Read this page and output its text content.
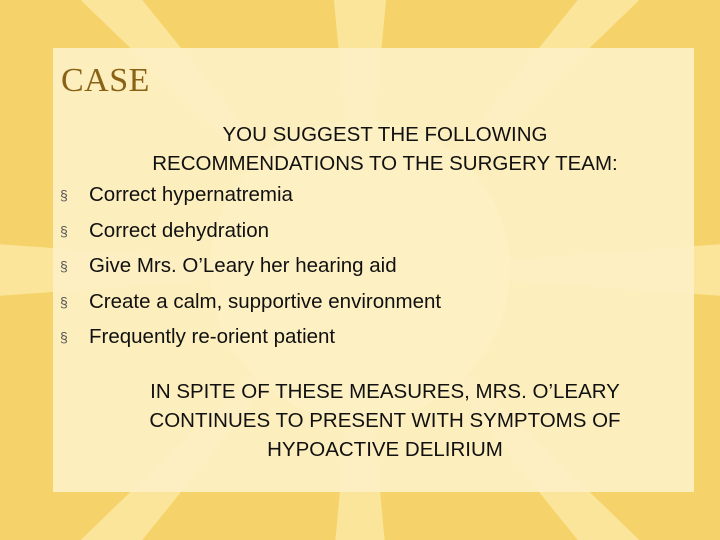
CASE
YOU SUGGEST THE FOLLOWING
RECOMMENDATIONS TO THE SURGERY TEAM:
§ Correct hypernatremia
§ Correct dehydration
§ Give Mrs. O’Leary her hearing aid
§ Create a calm, supportive environment
§ Frequently re-orient patient
IN SPITE OF THESE MEASURES, MRS. O’LEARY
CONTINUES TO PRESENT WITH SYMPTOMS OF
HYPOACTIVE DELIRIUM
